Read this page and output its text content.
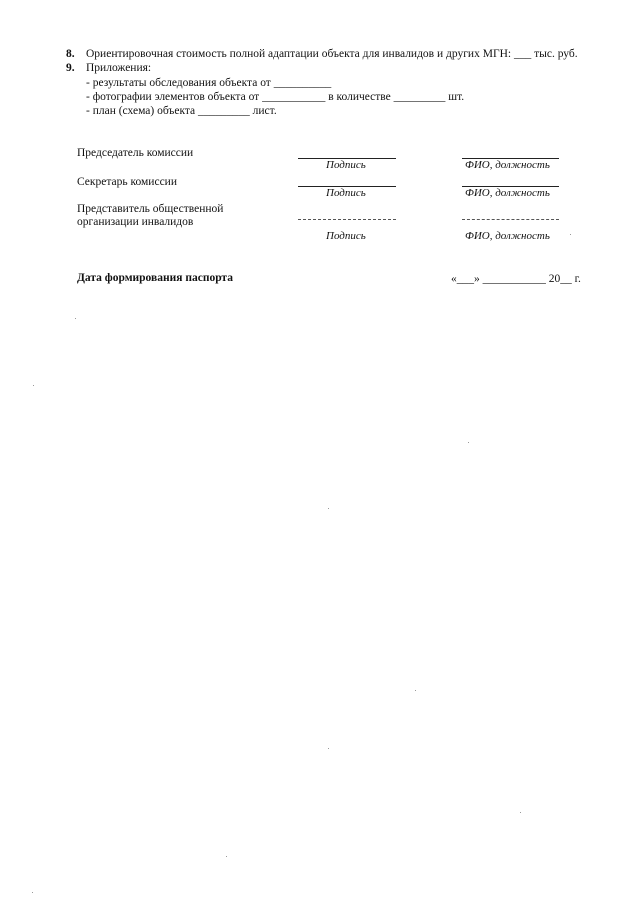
8. Ориентировочная стоимость полной адаптации объекта для инвалидов и других МГН: ___ тыс. руб.
9. Приложения:
- результаты обследования объекта от __________
- фотографии элементов объекта от ___________ в количестве _________ шт.
- план (схема) объекта _________ лист.
Председатель комиссии
Подпись	ФИО, должность
Секретарь комиссии
Подпись	ФИО, должность
Представитель общественной
организации инвалидов
Подпись	ФИО, должность
Дата формирования паспорта	«___» ___________ 20__ г.
